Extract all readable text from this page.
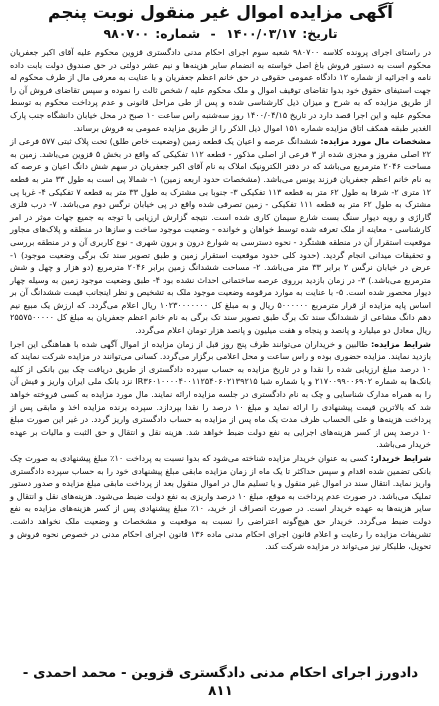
آگهی مزایده اموال غیر منقول نوبت پنجم
تاریخ:۱۴۰۰/۰۳/۱۷ - شماره:۹۸۰۷۰۰

در راستای اجرای پرونده کلاسه ۹۸۰۷۰۰ شعبه سوم اجرای احکام مدنی دادگستری قزوین محکوم علیه آقای اکبر جعفریان محکوم است به دستور فروش باغ اصل خواسته به انضمام سایر هزینه‌ها و نیم عشر دولتی در حق صندوق دولت بابت داده نامه و اجرائیه از شماره ۱۲ دادگاه عمومی حقوقی در حق خانم اعظم جعفریان و با عنایت به معرفی مال از طرف محکوم له جهت استیفای حقوق خود بدوا تقاضای توقیف اموال و ملک محکوم علیه / شخص ثالث را نموده و سپس تقاضای فروش آن را از طریق مزایده که به شرح و میزان ذیل کارشناسی شده و پس از طی مراحل قانونی و عدم پرداخت محکوم به توسط محکوم علیه و این اجرا قصد دارد در تاریخ ۱۴۰۰/۰۴/۱۵ روز سه‌شنبه راس ساعت ۱۰ صبح در محل خیابان دانشگاه جنب پارک الغدیر طبقه همکف اتاق مزایده شماره ۱۵۱ اموال ذیل الذکر را از طریق مزایده عمومی به فروش برساند.

مشخصات مال مورد مزایده: ششدانگ عرصه و اعیان یک قطعه زمین (وضعیت خاص طلق) تحت پلاک ثبتی ۵۷۷ فرعی از ۲۲ اصلی مفروز و مجزی شده از ۳ فرعی از اصلی مذکور - قطعه ۱۱۲ تفکیکی که واقع در بخش ۵ قزوین می‌باشد. زمین به مساحت ۲۰۴۶ مترمربع می‌باشد که در دفتر الکترونیک املاک به نام آقای اکبر جعفریان در سهم شش دانگ اعیان و عرصه که به نام خانم اعظم جعفریان فرزند یونس می‌باشد. (مشخصات حدود اربعه زمین) ۱- شمالا پی است به طول ۳۳ متر به قطعه ۱۲ متری ۲- شرقا به طول ۶۲ متر به قطعه ۱۱۳ تفکیکی ۳- جنوبا بی مشترک به طول ۳۳ متر به قطعه ۷ تفکیکی ۴- غربا پی مشترک به طول ۶۲ متر به قطعه ۱۱۱ تفکیکی - زمین تصرفی شده واقع در پی خیابان نرگس دوم می‌باشد. ۷- درب فلزی گاراژی و رویه دیوار سنگ بست شارع سیمان کاری شده است. نتیجه گزارش ارزیابی با توجه به جمیع جهات موثر در امر کارشناسی - معاینه از ملک تعرفه شده توسط خواهان و خوانده - وضعیت موجود ساخت و سازها در منطقه و پلاک‌های مجاور موقعیت استقرار آن در منطقه هشتگرد - نحوه دسترسی به شوارع درون و برون شهری - نوع کاربری آن و در منطقه بررسی و تحقیقات میدانی انجام گردید. (حدود کلی حدود موقعیت استقرار زمین و طبق تصویر سند تک برگی وضعیت موجود) ۱- عرض در خیابان نرگس ۲ برابر ۳۳ متر می‌باشد. ۲- مساحت ششدانگ زمین برابر ۲۰۴۶ مترمربع (دو هزار و چهل و شش مترمربع می‌باشد.) ۳- در زمان بازدید برروی عرصه ساختمانی احداث نشده بود ۴- طبق وضعیت موجود زمین به وسیله چهار دیوار محصور شده است. ۵- با عنایت به موارد مرقومه وضعیت موجود ملک به تشخیص و نظر اینجانب قیمت ششدانگ آن بر اساس پایه مزایده از قرار مترمربع ۵۰۰۰۰۰۰ ریال و به مبلغ کل ۱۰۲۳۰۰۰۰۰۰۰ ریال اعلام می‌گردد. که ارزش یک مبیع نیم دهم دانگ مشاعی از ششدانگ سند تک برگ طبق تصویر سند تک برگی به نام خانم اعظم جعفریان به مبلغ کل ۲۵۵۷۵۰۰۰۰۰ ریال معادل دو میلیارد و پانصد و پنجاه و هفت میلیون و پانصد هزار تومان اعلام می‌گردد.

شرایط مزایده: طالبین و خریداران می‌توانند ظرف پنج روز قبل از زمان مزایده از اموال آگهی شده با هماهنگی این اجرا بازدید نمایند. مزایده حضوری بوده و راس ساعت و محل اعلامی برگزار می‌گردد. کسانی می‌توانند در مزایده شرکت نمایند که ۱۰ درصد مبلغ ارزیابی شده را نقدا و در تاریخ مزایده به حساب سپرده دادگستری از طریق دریافت چک بین بانکی از کلیه بانک‌ها به شماره ۲۱۷۰۰۹۹۰۰۶۹۰۲ و یا شماره شبا IR۳۶۰۱۰۰۰۰۴۰۰۱۱۲۵۴۰۶۰۲۱۳۹۲۱۵ نزد بانک ملی ایران واریز و فیش آن را به همراه مدارک شناسایی و چک به نام دادگستری در جلسه مزایده ارائه نمایند. مال مورد مزایده به کسی فروخته خواهد شد که بالاترین قیمت پیشنهادی را ارائه نماید و مبلغ ۱۰ درصد را نقدا بپردازد. سپرده برنده مزایده اخذ و مابقی پس از پرداخت هزینه‌ها و علی الحساب ظرف مدت یک ماه پس از مزایده به حساب دادگستری واریز گردد. در غیر این صورت مبلغ ۱۰ درصد پس از کسر هزینه‌های اجرایی به نفع دولت ضبط خواهد شد. هزینه نقل و انتقال و حق الثبت و مالیات بر عهده خریدار می‌باشد.

شرایط خریدار: کسی به عنوان خریدار مزایده شناخته می‌شود که بدوا نسبت به پرداخت ۱۰٪ مبلغ پیشنهادی به صورت چک بانکی تضمین شده اقدام و سپس حداکثر تا یک ماه از زمان مزایده مابقی مبلغ پیشنهادی خود را به حساب سپرده دادگستری واریز نماید. انتقال سند در اموال غیر منقول و یا تسلیم مال در اموال منقول بعد از پرداخت مابقی مبلغ مزایده و صدور دستور تملیک می‌باشد. در صورت عدم پرداخت به موقع، مبلغ ۱۰ درصد واریزی به نفع دولت ضبط می‌شود. هزینه‌های نقل و انتقال و سایر هزینه‌ها به عهده خریدار است. در صورت انصراف از خرید، ۱۰٪ مبلغ پیشنهادی پس از کسر هزینه‌های مزایده به نفع دولت ضبط می‌گردد. خریدار حق هیچ‌گونه اعتراضی را نسبت به موقعیت و مشخصات و وضعیت ملک نخواهد داشت. تشریفات مزایده را رعایت و اعلام قانون اجرای احکام مدنی ماده ۱۳۶ قانون اجرای احکام مدنی در خصوص نحوه فروش و تحویل، طلبکار نیز می‌تواند در مزایده شرکت کند.

دادورز اجرای احکام مدنی دادگستری قزوین - محمد احمدی - ۸۱۱
